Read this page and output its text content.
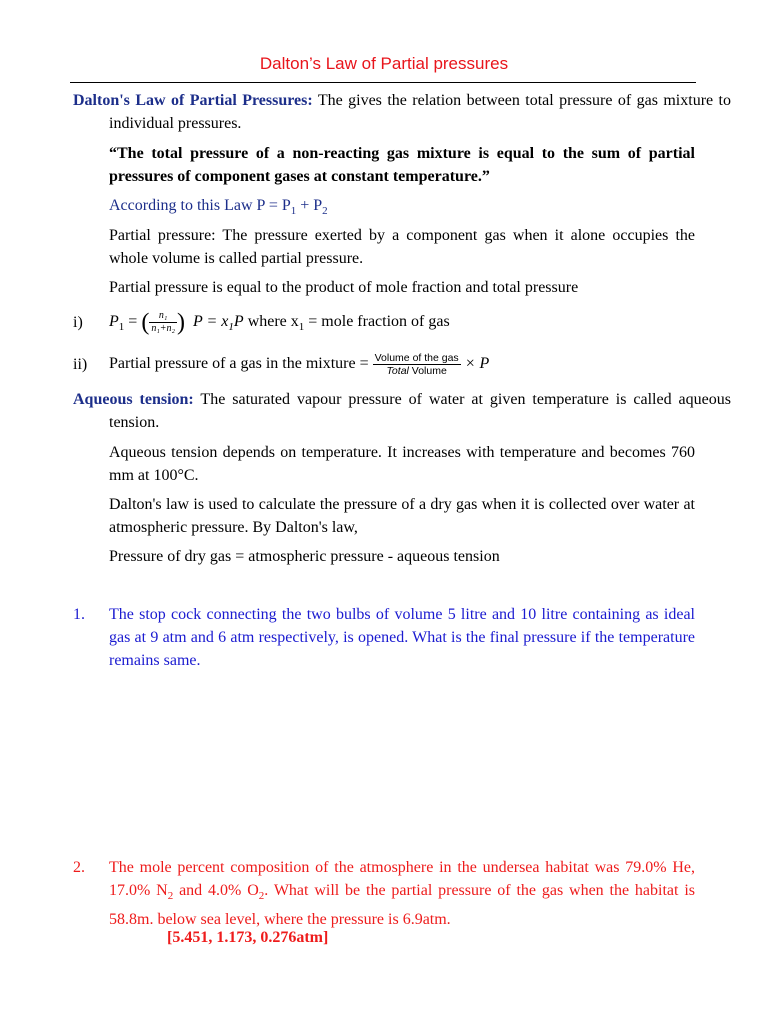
Dalton’s Law of Partial pressures
Dalton's Law of Partial Pressures: The gives the relation between total pressure of gas mixture to individual pressures.
“The total pressure of a non-reacting gas mixture is equal to the sum of partial pressures of component gases at constant temperature.”
According to this Law $P = P_1 + P_2$
Partial pressure: The pressure exerted by a component gas when it alone occupies the whole volume is called partial pressure.
Partial pressure is equal to the product of mole fraction and total pressure
i) $P_1$ = ( $\frac{\text{n₁}}{\text{n₁+n₂}}$ ) $P = x_1P$ where $x_1$ = mole fraction of gas
ii) Partial pressure of a gas in the mixture = $\frac{\text{Volume of the gas}}{\text{Total Volume}} \times P$
Aqueous tension: The saturated vapour pressure of water at given temperature is called aqueous tension.
Aqueous tension depends on temperature. It increases with temperature and becomes 760 mm at 100°C.
Dalton's law is used to calculate the pressure of a dry gas when it is collected over water at atmospheric pressure. By Dalton's law,
Pressure of dry gas = atmospheric pressure - aqueous tension
1. The stop cock connecting the two bulbs of volume 5 litre and 10 litre containing as ideal gas at 9 atm and 6 atm respectively, is opened. What is the final pressure if the temperature remains same.
2. The mole percent composition of the atmosphere in the undersea habitat was 79.0% He, 17.0% $N_2$ and 4.0% $O_2$. What will be the partial pressure of the gas when the habitat is 58.8m. below sea level, where the pressure is 6.9atm.
[5.451, 1.173, 0.276atm]
